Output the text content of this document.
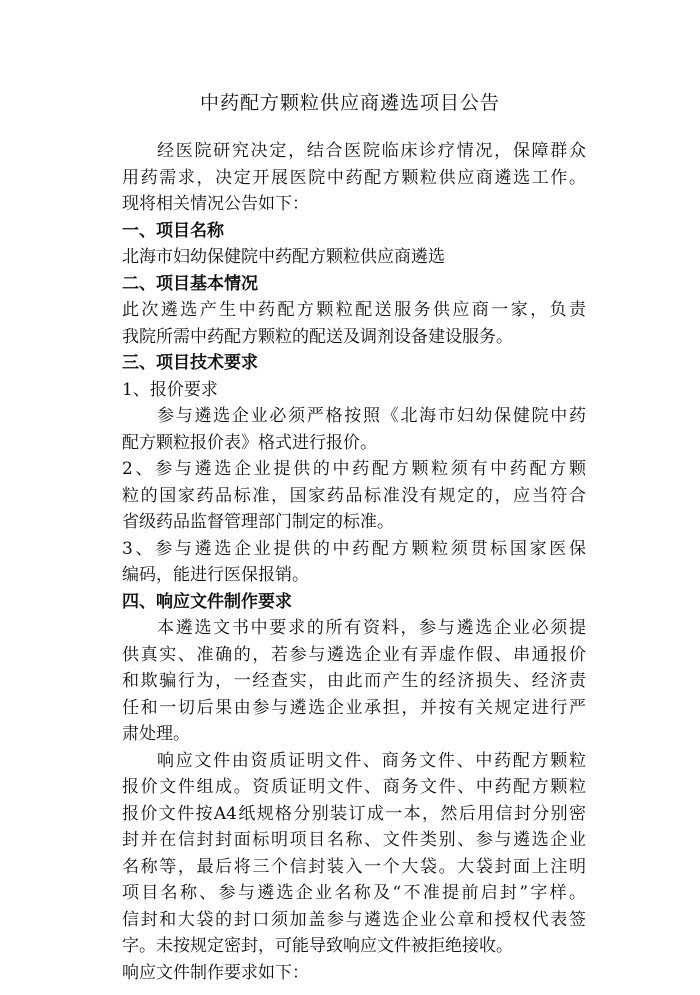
中药配方颗粒供应商遴选项目公告
经医院研究决定，结合医院临床诊疗情况，保障群众
用药需求，决定开展医院中药配方颗粒供应商遴选工作。
现将相关情况公告如下：
一、项目名称
北海市妇幼保健院中药配方颗粒供应商遴选
二、项目基本情况
此次遴选产生中药配方颗粒配送服务供应商一家，负责
我院所需中药配方颗粒的配送及调剂设备建设服务。
三、项目技术要求
1、报价要求
参与遴选企业必须严格按照《北海市妇幼保健院中药
配方颗粒报价表》格式进行报价。
2、参与遴选企业提供的中药配方颗粒须有中药配方颗
粒的国家药品标准，国家药品标准没有规定的，应当符合
省级药品监督管理部门制定的标准。
3、参与遴选企业提供的中药配方颗粒须贯标国家医保
编码，能进行医保报销。
四、响应文件制作要求
本遴选文书中要求的所有资料，参与遴选企业必须提
供真实、准确的，若参与遴选企业有弄虚作假、串通报价
和欺骗行为，一经查实，由此而产生的经济损失、经济责
任和一切后果由参与遴选企业承担，并按有关规定进行严
肃处理。
响应文件由资质证明文件、商务文件、中药配方颗粒
报价文件组成。资质证明文件、商务文件、中药配方颗粒
报价文件按A4纸规格分别装订成一本，然后用信封分别密
封并在信封封面标明项目名称、文件类别、参与遴选企业
名称等，最后将三个信封装入一个大袋。大袋封面上注明
项目名称、参与遴选企业名称及“不准提前启封”字样。
信封和大袋的封口须加盖参与遴选企业公章和授权代表签
字。未按规定密封，可能导致响应文件被拒绝接收。
响应文件制作要求如下：
